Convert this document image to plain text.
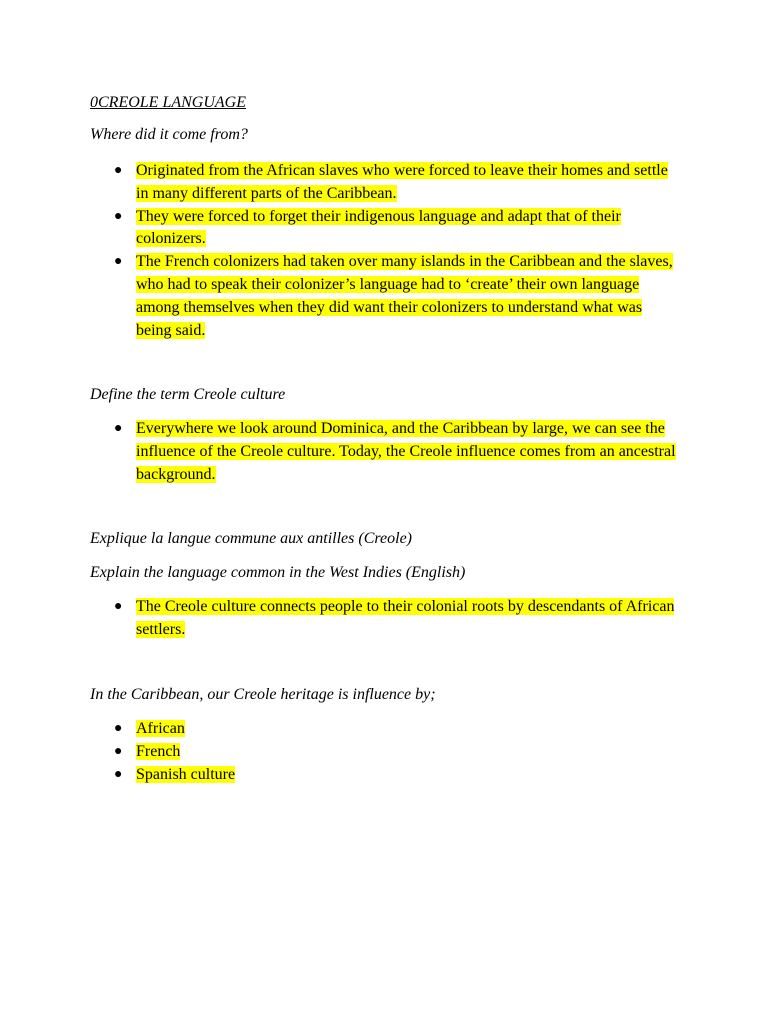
0CREOLE LANGUAGE
Where did it come from?
● Originated from the African slaves who were forced to leave their homes and settle in many different parts of the Caribbean.
● They were forced to forget their indigenous language and adapt that of their colonizers.
● The French colonizers had taken over many islands in the Caribbean and the slaves, who had to speak their colonizer’s language had to ‘create’ their own language among themselves when they did want their colonizers to understand what was being said.
Define the term Creole culture
● Everywhere we look around Dominica, and the Caribbean by large, we can see the influence of the Creole culture. Today, the Creole influence comes from an ancestral background.
Explique la langue commune aux antilles (Creole)
Explain the language common in the West Indies (English)
● The Creole culture connects people to their colonial roots by descendants of African settlers.
In the Caribbean, our Creole heritage is influence by;
● African
● French
● Spanish culture
